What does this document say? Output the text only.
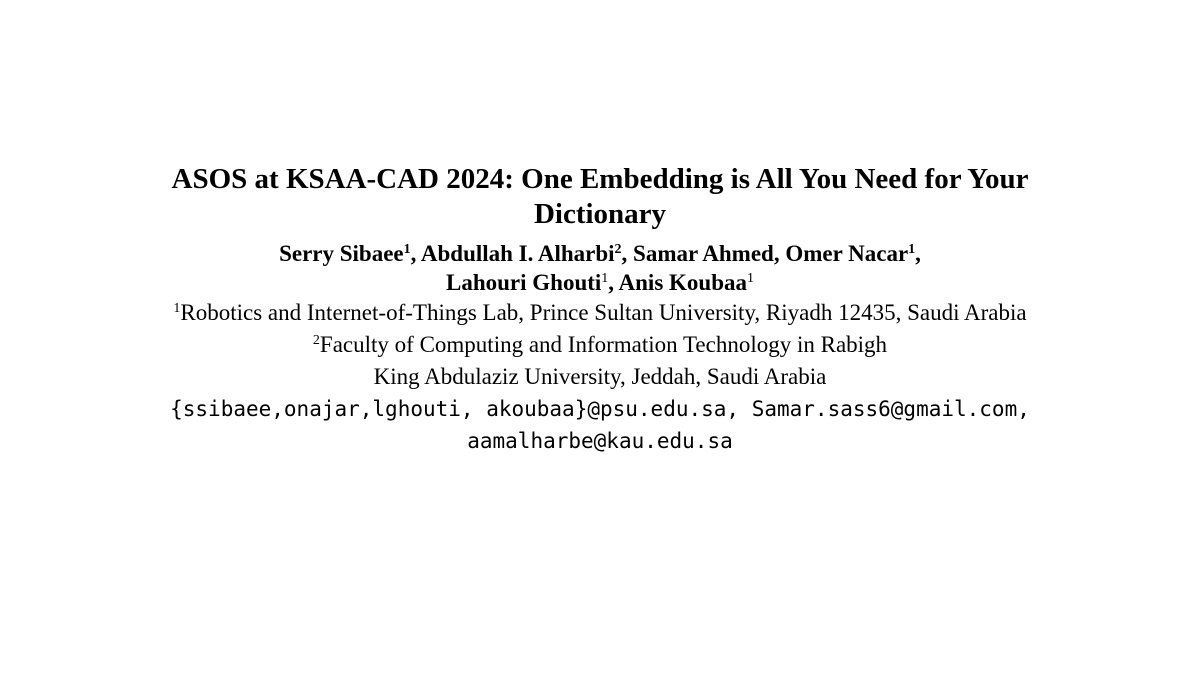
ASOS at KSAA-CAD 2024: One Embedding is All You Need for Your
Dictionary
Serry Sibaee$^1$, Abdullah I. Alharbi$^2$, Samar Ahmed, Omer Nacar$^1$,
Lahouri Ghouti$^1$, Anis Koubaa$^1$
$^1$Robotics and Internet-of-Things Lab, Prince Sultan University, Riyadh 12435, Saudi Arabia
$^2$Faculty of Computing and Information Technology in Rabigh
King Abdulaziz University, Jeddah, Saudi Arabia
{ssibaee,onajar,lghouti, akoubaa}@psu.edu.sa, Samar.sass6@gmail.com,
aamalharbe@kau.edu.sa
